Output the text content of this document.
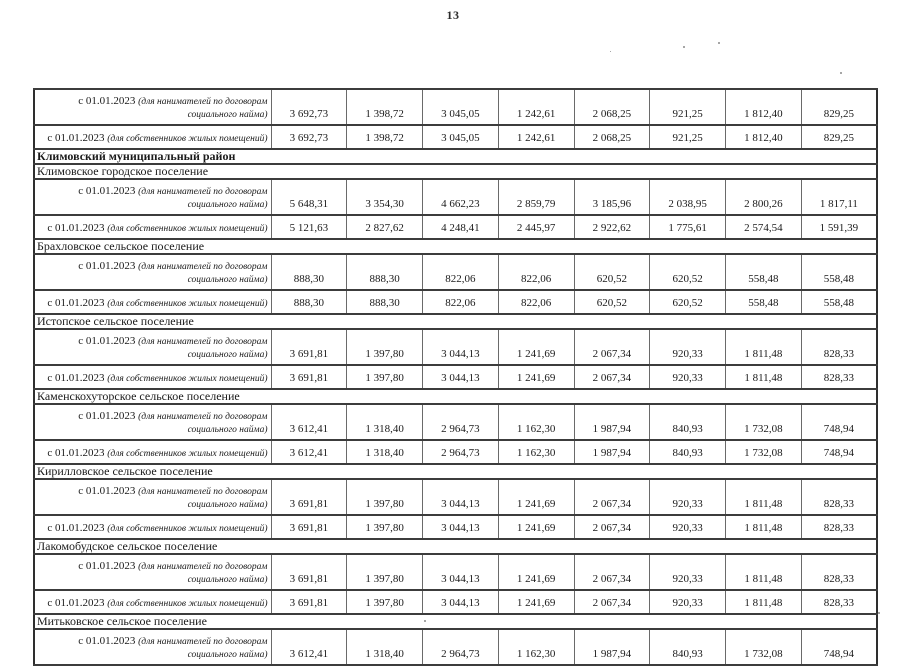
13
с 01.01.2023 (для нанимателей по договорам социального найма)	3 692,73	1 398,72	3 045,05	1 242,61	2 068,25	921,25	1 812,40	829,25
с 01.01.2023 (для собственников жилых помещений)	3 692,73	1 398,72	3 045,05	1 242,61	2 068,25	921,25	1 812,40	829,25
Климовский муниципальный район								
Климовское городское поселение								
с 01.01.2023 (для нанимателей по договорам социального найма)	5 648,31	3 354,30	4 662,23	2 859,79	3 185,96	2 038,95	2 800,26	1 817,11
с 01.01.2023 (для собственников жилых помещений)	5 121,63	2 827,62	4 248,41	2 445,97	2 922,62	1 775,61	2 574,54	1 591,39
Брахловское сельское поселение								
с 01.01.2023 (для нанимателей по договорам социального найма)	888,30	888,30	822,06	822,06	620,52	620,52	558,48	558,48
с 01.01.2023 (для собственников жилых помещений)	888,30	888,30	822,06	822,06	620,52	620,52	558,48	558,48
Истопское сельское поселение								
с 01.01.2023 (для нанимателей по договорам социального найма)	3 691,81	1 397,80	3 044,13	1 241,69	2 067,34	920,33	1 811,48	828,33
с 01.01.2023 (для собственников жилых помещений)	3 691,81	1 397,80	3 044,13	1 241,69	2 067,34	920,33	1 811,48	828,33
Каменскохуторское сельское поселение								
с 01.01.2023 (для нанимателей по договорам социального найма)	3 612,41	1 318,40	2 964,73	1 162,30	1 987,94	840,93	1 732,08	748,94
с 01.01.2023 (для собственников жилых помещений)	3 612,41	1 318,40	2 964,73	1 162,30	1 987,94	840,93	1 732,08	748,94
Кирилловское сельское поселение								
с 01.01.2023 (для нанимателей по договорам социального найма)	3 691,81	1 397,80	3 044,13	1 241,69	2 067,34	920,33	1 811,48	828,33
с 01.01.2023 (для собственников жилых помещений)	3 691,81	1 397,80	3 044,13	1 241,69	2 067,34	920,33	1 811,48	828,33
Лакомобудское сельское поселение								
с 01.01.2023 (для нанимателей по договорам социального найма)	3 691,81	1 397,80	3 044,13	1 241,69	2 067,34	920,33	1 811,48	828,33
с 01.01.2023 (для собственников жилых помещений)	3 691,81	1 397,80	3 044,13	1 241,69	2 067,34	920,33	1 811,48	828,33
Митьковское сельское поселение								
с 01.01.2023 (для нанимателей по договорам социального найма)	3 612,41	1 318,40	2 964,73	1 162,30	1 987,94	840,93	1 732,08	748,94
